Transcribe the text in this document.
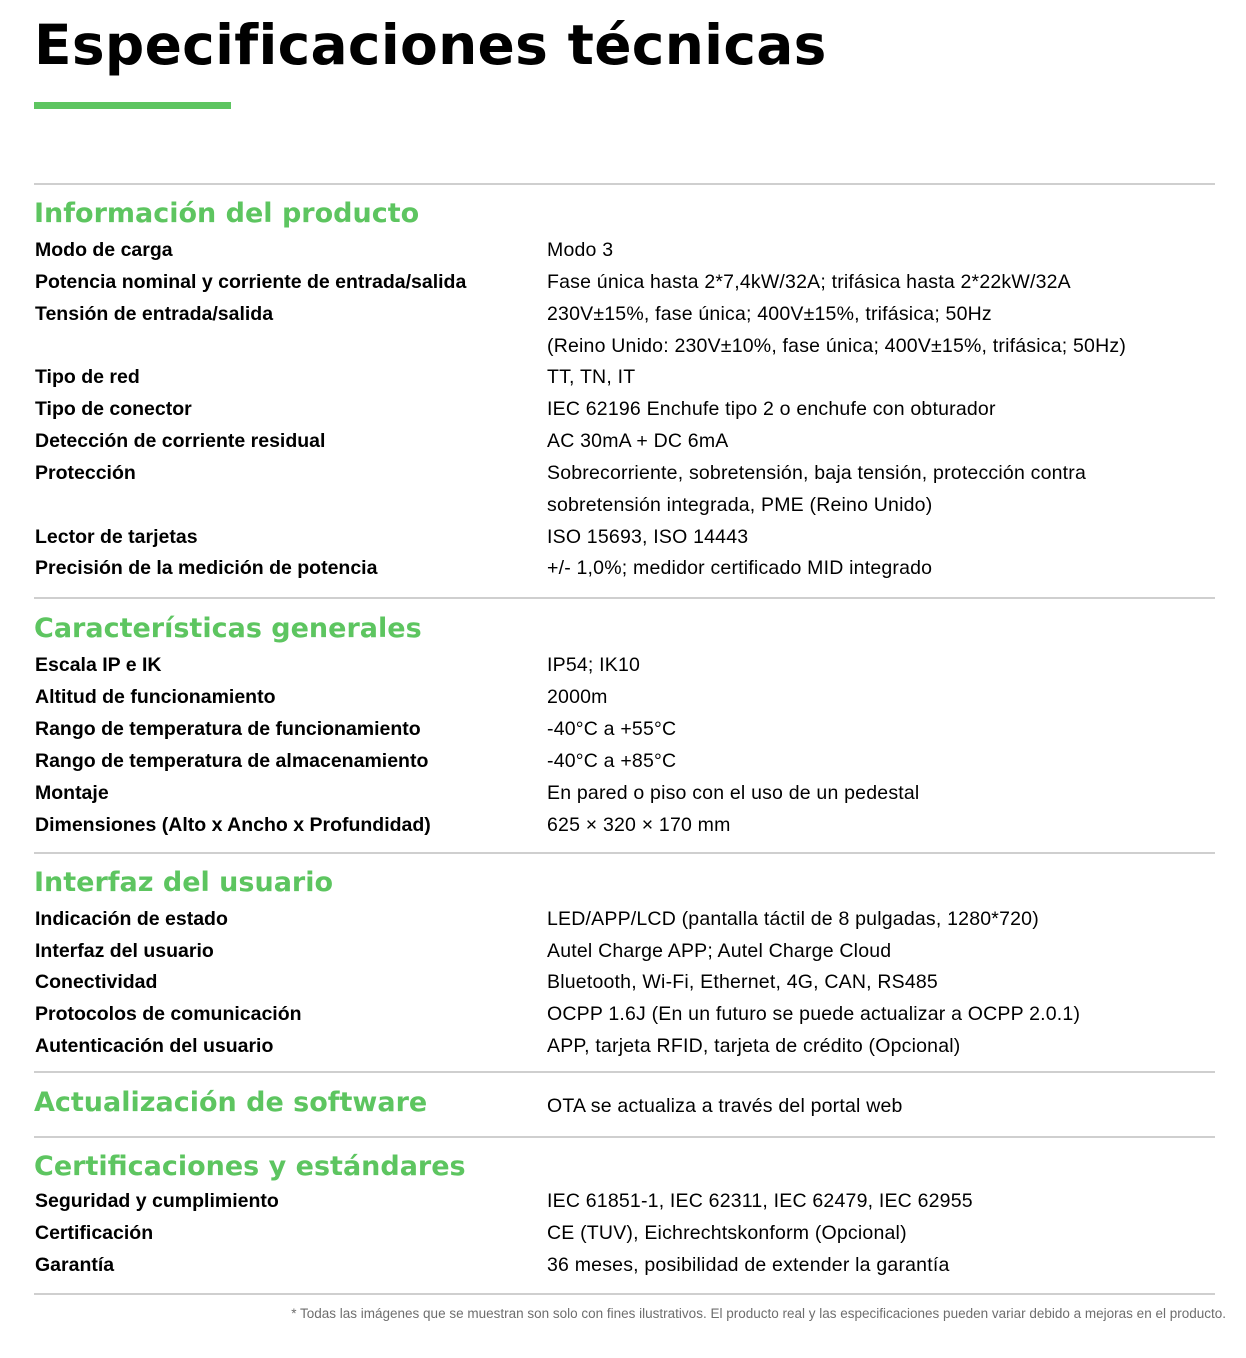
Especificaciones técnicas
Información del producto
Modo de carga	Modo 3
Potencia nominal y corriente de entrada/salida	Fase única hasta 2*7,4kW/32A; trifásica hasta 2*22kW/32A
Tensión de entrada/salida	230V±15%, fase única; 400V±15%, trifásica; 50Hz
(Reino Unido: 230V±10%, fase única; 400V±15%, trifásica; 50Hz)
Tipo de red	TT, TN, IT
Tipo de conector	IEC 62196 Enchufe tipo 2 o enchufe con obturador
Detección de corriente residual	AC 30mA + DC 6mA
Protección	Sobrecorriente, sobretensión, baja tensión, protección contra
sobretensión integrada, PME (Reino Unido)
Lector de tarjetas	ISO 15693, ISO 14443
Precisión de la medición de potencia	+/- 1,0%; medidor certificado MID integrado
Características generales
Escala IP e IK	IP54; IK10
Altitud de funcionamiento	2000m
Rango de temperatura de funcionamiento	-40°C a +55°C
Rango de temperatura de almacenamiento	-40°C a +85°C
Montaje	En pared o piso con el uso de un pedestal
Dimensiones (Alto x Ancho x Profundidad)	625 × 320 × 170 mm
Interfaz del usuario
Indicación de estado	LED/APP/LCD (pantalla táctil de 8 pulgadas, 1280*720)
Interfaz del usuario	Autel Charge APP; Autel Charge Cloud
Conectividad	Bluetooth, Wi-Fi, Ethernet, 4G, CAN, RS485
Protocolos de comunicación	OCPP 1.6J (En un futuro se puede actualizar a OCPP 2.0.1)
Autenticación del usuario	APP, tarjeta RFID, tarjeta de crédito (Opcional)
Actualización de software	OTA se actualiza a través del portal web
Certificaciones y estándares
Seguridad y cumplimiento	IEC 61851-1, IEC 62311, IEC 62479, IEC 62955
Certificación	CE (TUV), Eichrechtskonform (Opcional)
Garantía	36 meses, posibilidad de extender la garantía
* Todas las imágenes que se muestran son solo con fines ilustrativos. El producto real y las especificaciones pueden variar debido a mejoras en el producto.
